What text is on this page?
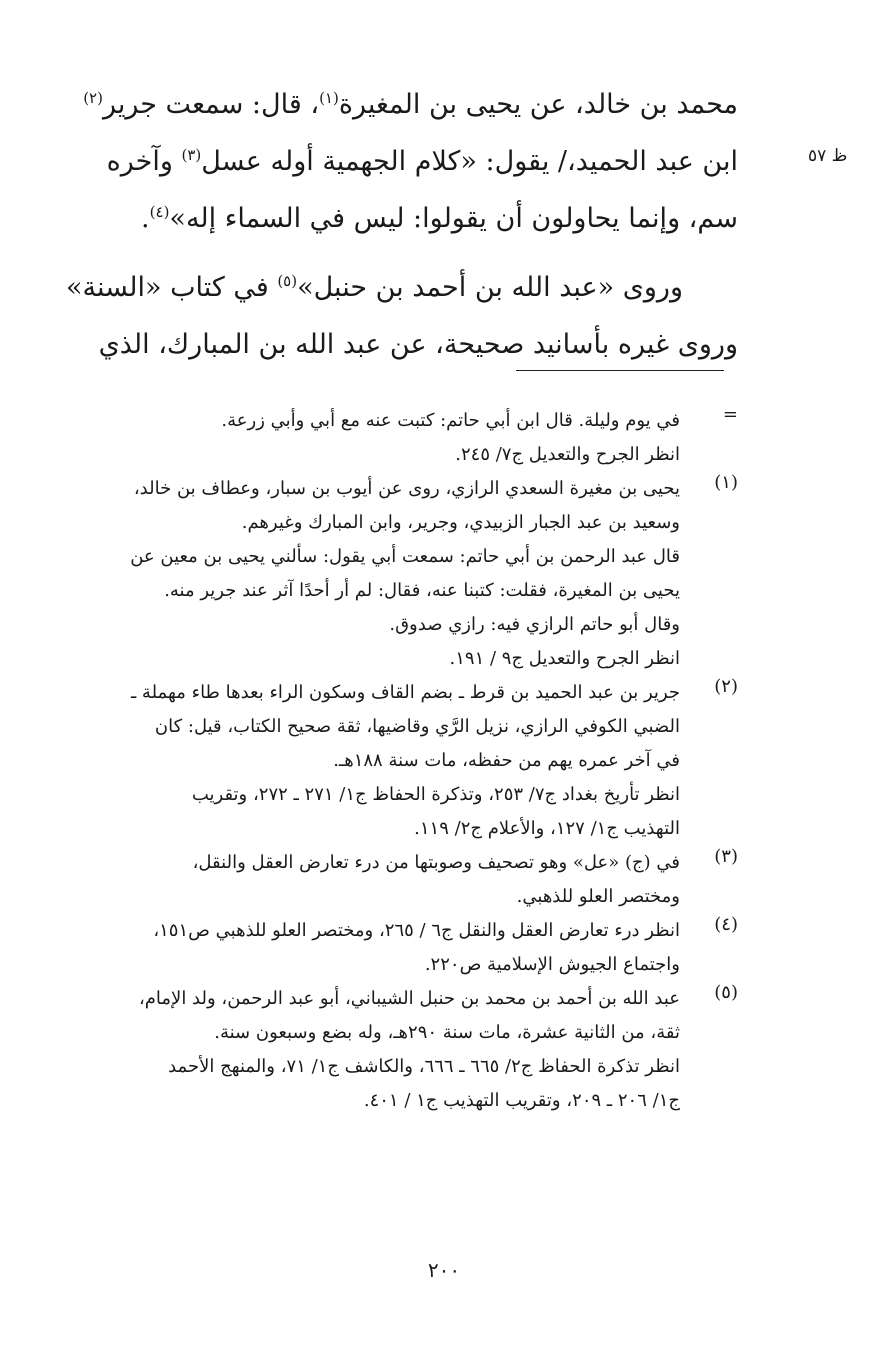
ظ ٥٧
محمد بن خالد، عن يحيى بن المغيرة$^{(١)}$، قال: سمعت جرير$^{(٢)}$
ابن عبد الحميد،/ يقول: «كلام الجهمية أوله عسل$^{(٣)}$ وآخره
سم، وإنما يحاولون أن يقولوا: ليس في السماء إله»$^{(٤)}$.
وروى «عبد الله بن أحمد بن حنبل»$^{(٥)}$ في كتاب «السنة»
وروى غيره بأسانيد صحيحة، عن عبد الله بن المبارك، الذي
=
في يوم وليلة. قال ابن أبي حاتم: كتبت عنه مع أبي وأبي زرعة.
انظر الجرح والتعديل ج٧/ ٢٤٥.
(١)
يحيى بن مغيرة السعدي الرازي، روى عن أيوب بن سبار، وعطاف بن خالد،
وسعيد بن عبد الجبار الزبيدي، وجرير، وابن المبارك وغيرهم.
قال عبد الرحمن بن أبي حاتم: سمعت أبي يقول: سألني يحيى بن معين عن
يحيى بن المغيرة، فقلت: كتبنا عنه، فقال: لم أر أحدًا آثر عند جرير منه.
وقال أبو حاتم الرازي فيه: رازي صدوق.
انظر الجرح والتعديل ج٩ / ١٩١.
(٢)
جرير بن عبد الحميد بن قرط ـ بضم القاف وسكون الراء بعدها طاء مهملة ـ
الضبي الكوفي الرازي، نزيل الرَّي وقاضيها، ثقة صحيح الكتاب، قيل: كان
في آخر عمره يهم من حفظه، مات سنة ١٨٨هـ.
انظر تأريخ بغداد ج٧/ ٢٥٣، وتذكرة الحفاظ ج١/ ٢٧١ ـ ٢٧٢، وتقريب
التهذيب ج١/ ١٢٧، والأعلام ج٢/ ١١٩.
(٣)
في (ج) «عل» وهو تصحيف وصوبتها من درء تعارض العقل والنقل،
ومختصر العلو للذهبي.
(٤)
انظر درء تعارض العقل والنقل ج٦ / ٢٦٥، ومختصر العلو للذهبي ص١٥١،
واجتماع الجيوش الإسلامية ص٢٢٠.
(٥)
عبد الله بن أحمد بن محمد بن حنبل الشيباني، أبو عبد الرحمن، ولد الإمام،
ثقة، من الثانية عشرة، مات سنة ٢٩٠هـ، وله بضع وسبعون سنة.
انظر تذكرة الحفاظ ج٢/ ٦٦٥ ـ ٦٦٦، والكاشف ج١/ ٧١، والمنهج الأحمد
ج١/ ٢٠٦ ـ ٢٠٩، وتقريب التهذيب ج١ / ٤٠١.
٢٠٠
